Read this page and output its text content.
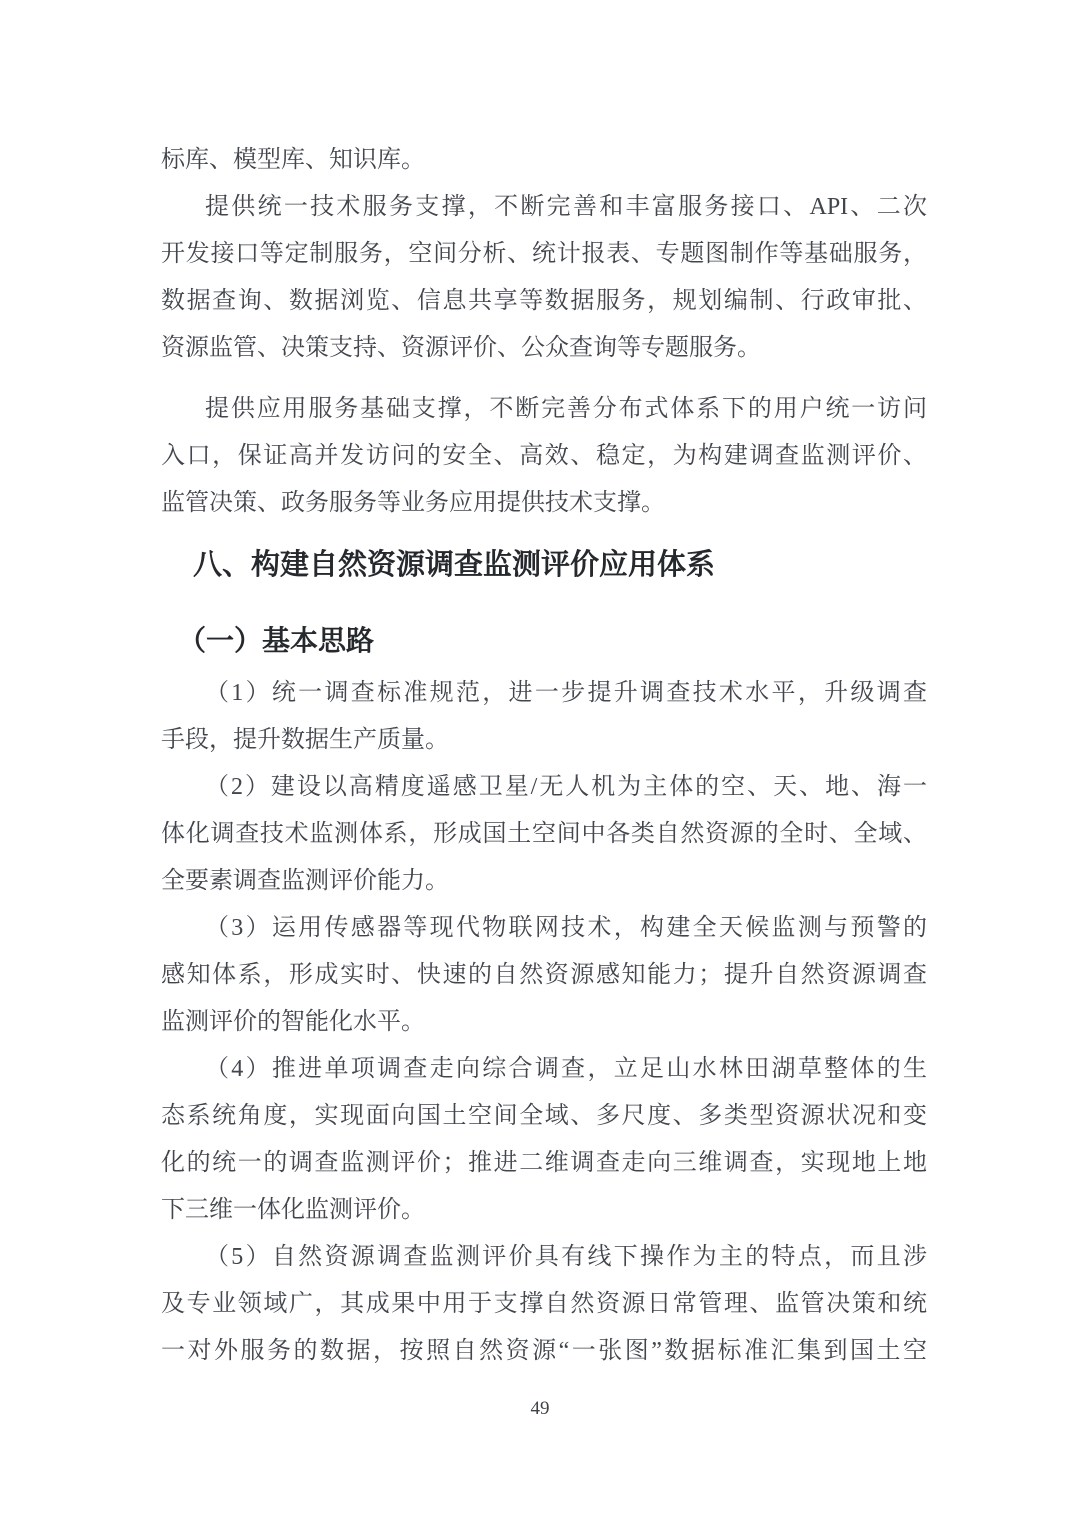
标库、模型库、知识库。
提供统一技术服务支撑，不断完善和丰富服务接口、API、二次
开发接口等定制服务，空间分析、统计报表、专题图制作等基础服务，
数据查询、数据浏览、信息共享等数据服务，规划编制、行政审批、
资源监管、决策支持、资源评价、公众查询等专题服务。
提供应用服务基础支撑，不断完善分布式体系下的用户统一访问
入口，保证高并发访问的安全、高效、稳定，为构建调查监测评价、
监管决策、政务服务等业务应用提供技术支撑。
八、构建自然资源调查监测评价应用体系
（一）基本思路
（1）统一调查标准规范，进一步提升调查技术水平，升级调查
手段，提升数据生产质量。
（2）建设以高精度遥感卫星/无人机为主体的空、天、地、海一
体化调查技术监测体系，形成国土空间中各类自然资源的全时、全域、
全要素调查监测评价能力。
（3）运用传感器等现代物联网技术，构建全天候监测与预警的
感知体系，形成实时、快速的自然资源感知能力；提升自然资源调查
监测评价的智能化水平。
（4）推进单项调查走向综合调查，立足山水林田湖草整体的生
态系统角度，实现面向国土空间全域、多尺度、多类型资源状况和变
化的统一的调查监测评价；推进二维调查走向三维调查，实现地上地
下三维一体化监测评价。
（5）自然资源调查监测评价具有线下操作为主的特点，而且涉
及专业领域广，其成果中用于支撑自然资源日常管理、监管决策和统
一对外服务的数据，按照自然资源“一张图”数据标准汇集到国土空
49
